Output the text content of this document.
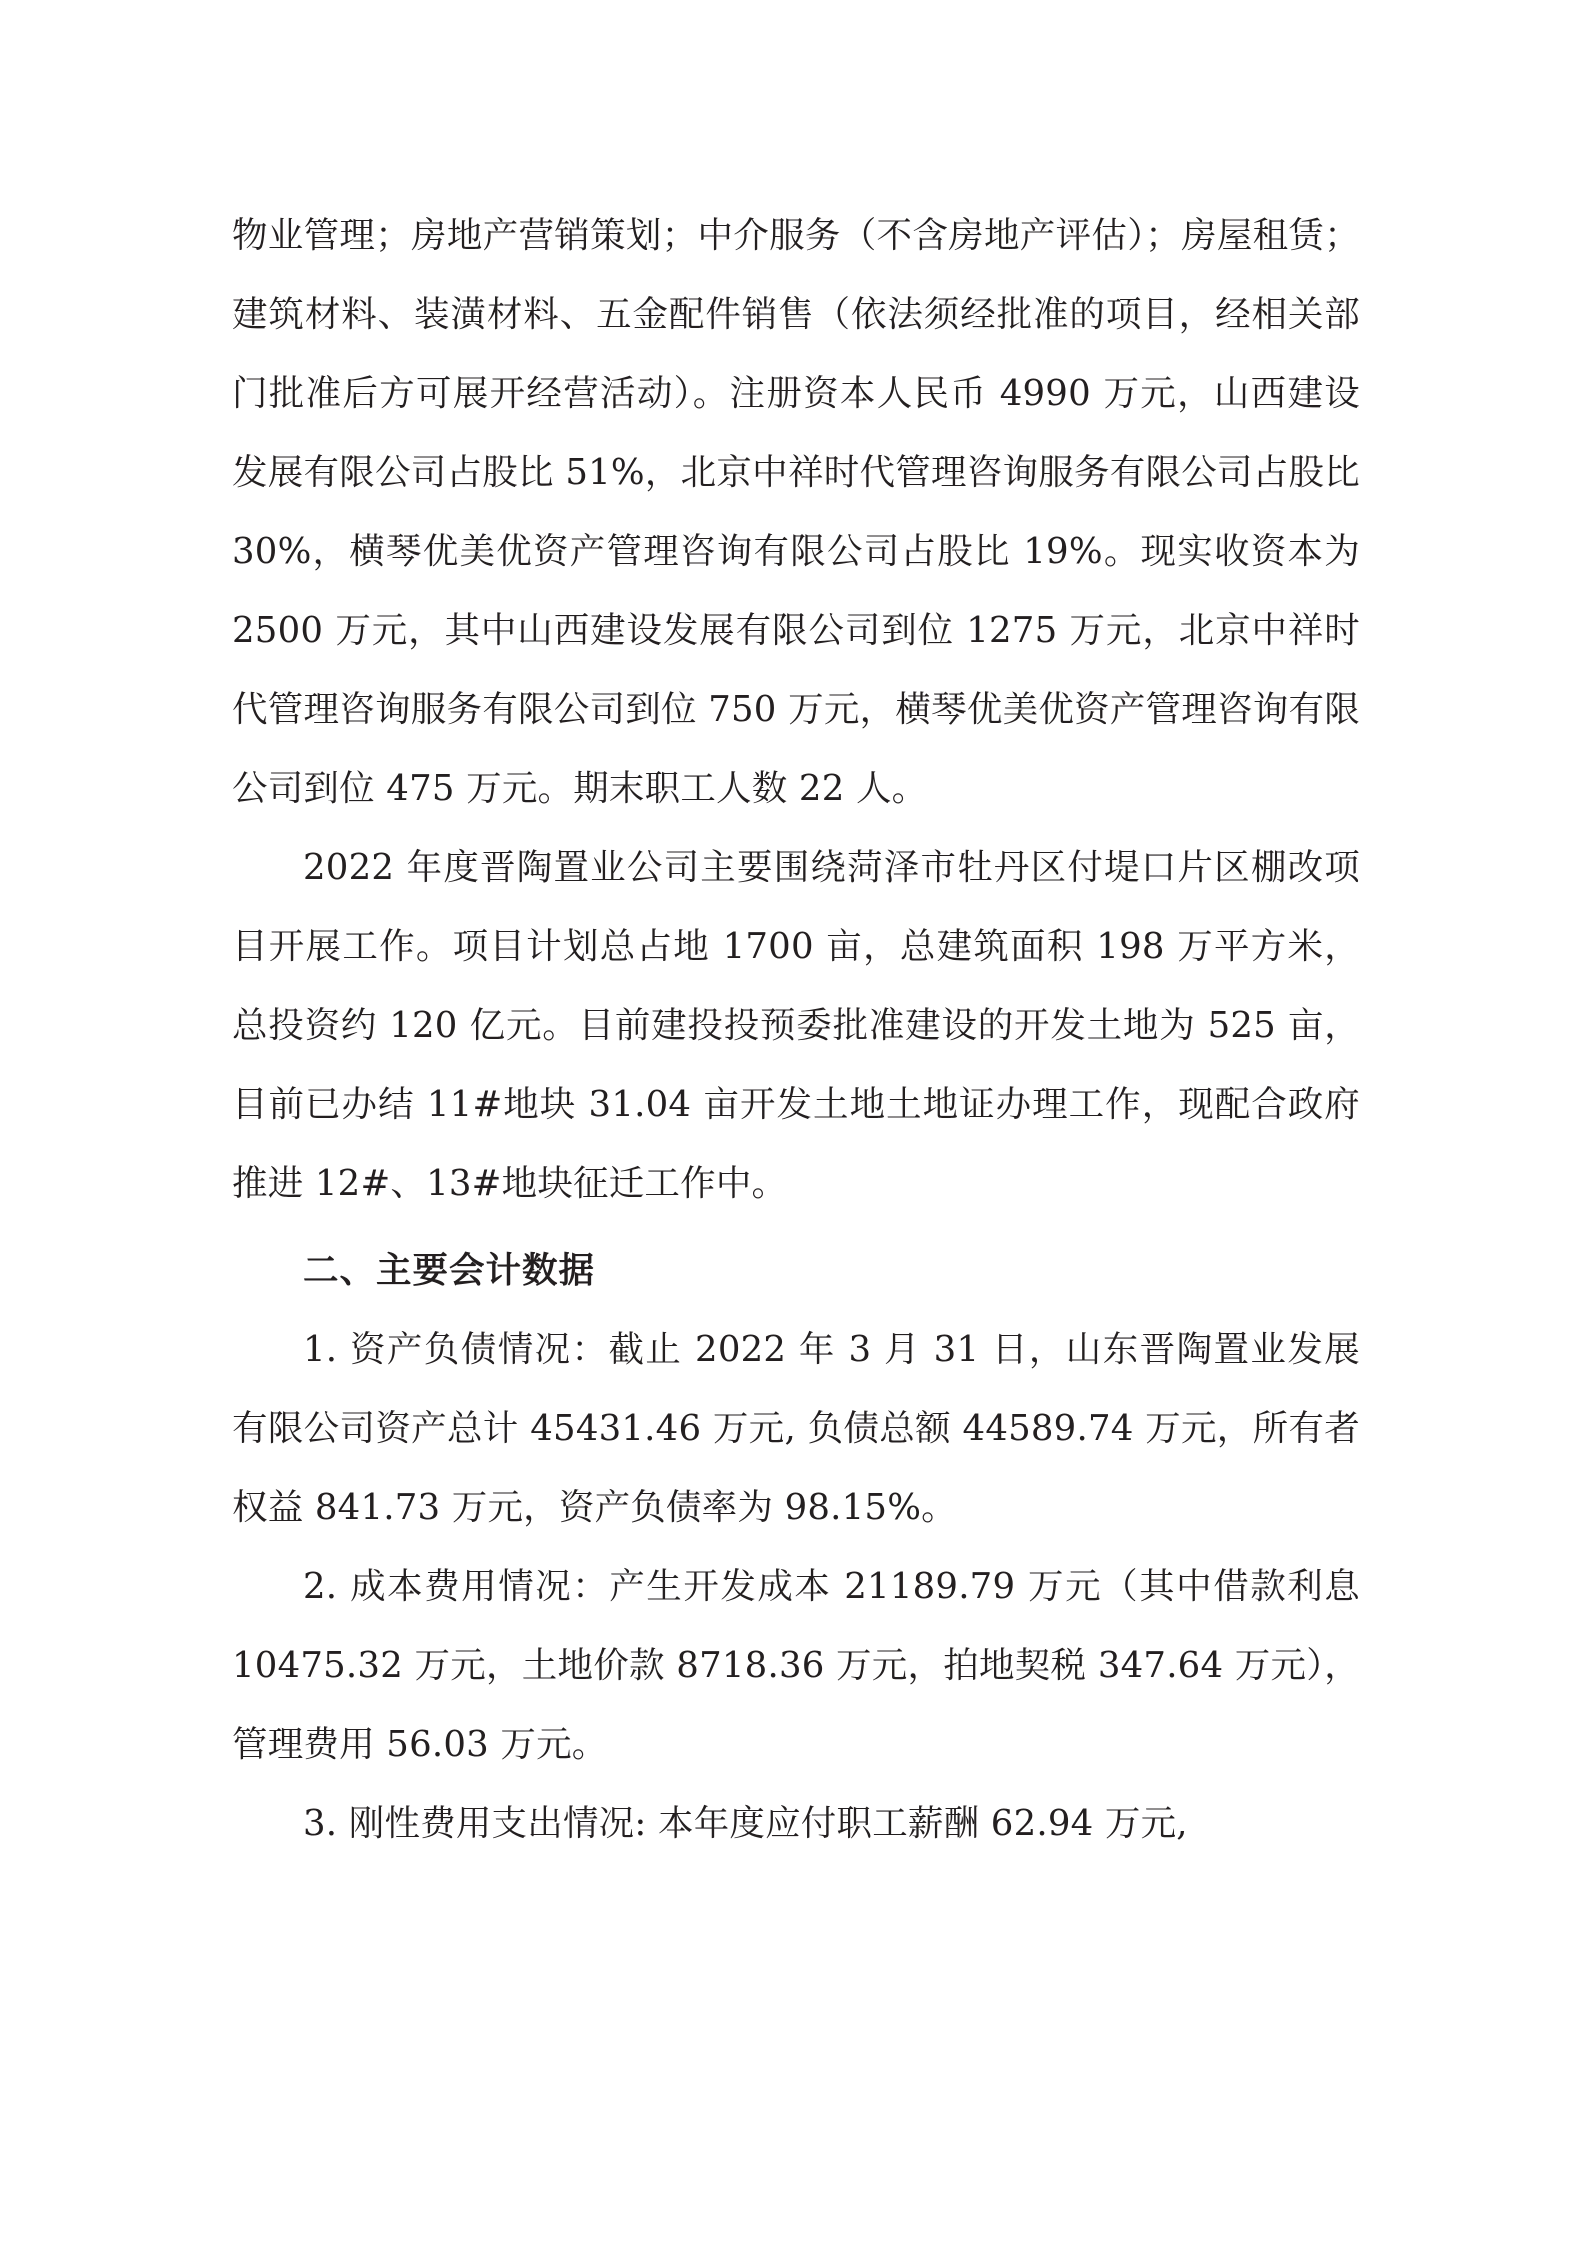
物业管理；房地产营销策划；中介服务（不含房地产评估）；房屋租赁；建筑材料、装潢材料、五金配件销售（依法须经批准的项目，经相关部门批准后方可展开经营活动）。注册资本人民币 4990 万元，山西建设发展有限公司占股比 51%，北京中祥时代管理咨询服务有限公司占股比 30%，横琴优美优资产管理咨询有限公司占股比 19%。现实收资本为 2500 万元，其中山西建设发展有限公司到位 1275 万元，北京中祥时代管理咨询服务有限公司到位 750 万元，横琴优美优资产管理咨询有限公司到位 475 万元。期末职工人数 22 人。

2022 年度晋陶置业公司主要围绕菏泽市牡丹区付堤口片区棚改项目开展工作。项目计划总占地 1700 亩，总建筑面积 198 万平方米，总投资约 120 亿元。目前建投投预委批准建设的开发土地为 525 亩，目前已办结 11#地块 31.04 亩开发土地土地证办理工作，现配合政府推进 12#、13#地块征迁工作中。

二、主要会计数据

1. 资产负债情况：截止 2022 年 3 月 31 日，山东晋陶置业发展有限公司资产总计 45431.46 万元, 负债总额 44589.74 万元，所有者权益 841.73 万元，资产负债率为 98.15%。

2. 成本费用情况：产生开发成本 21189.79 万元（其中借款利息 10475.32 万元，土地价款 8718.36 万元，拍地契税 347.64 万元），管理费用 56.03 万元。

3. 刚性费用支出情况: 本年度应付职工薪酬 62.94 万元,
